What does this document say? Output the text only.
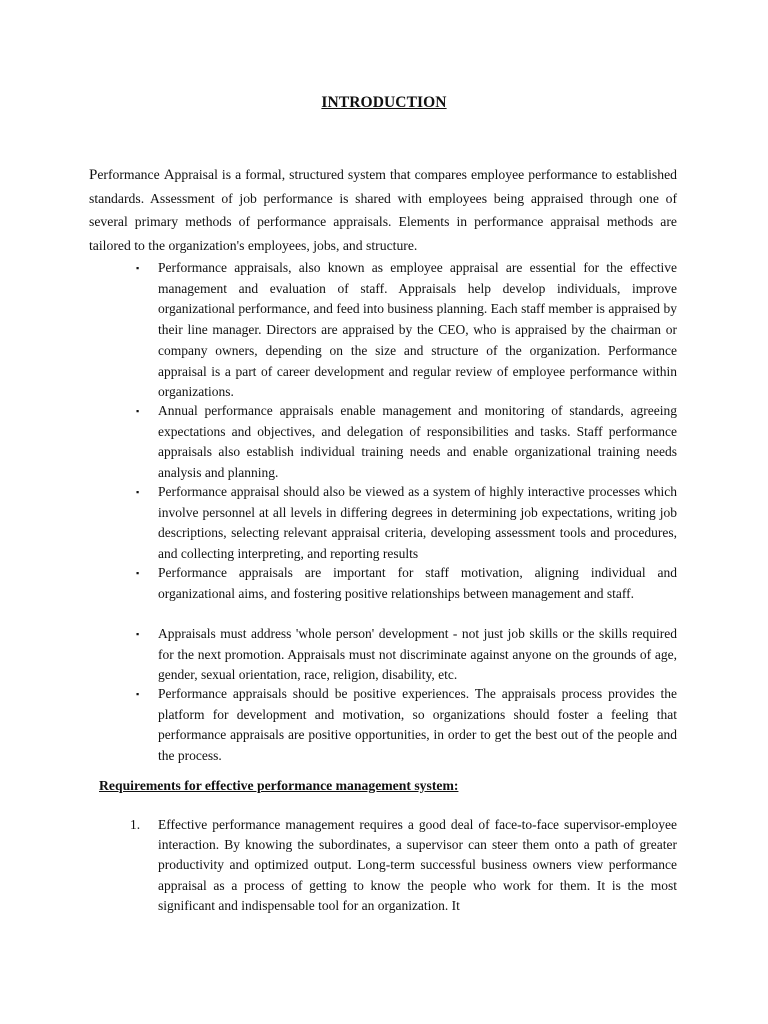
INTRODUCTION

Performance Appraisal is a formal, structured system that compares employee performance to established standards. Assessment of job performance is shared with employees being appraised through one of several primary methods of performance appraisals. Elements in performance appraisal methods are tailored to the organization's employees, jobs, and structure.

▪ Performance appraisals, also known as employee appraisal are essential for the effective management and evaluation of staff. Appraisals help develop individuals, improve organizational performance, and feed into business planning. Each staff member is appraised by their line manager. Directors are appraised by the CEO, who is appraised by the chairman or company owners, depending on the size and structure of the organization. Performance appraisal is a part of career development and regular review of employee performance within organizations.
▪ Annual performance appraisals enable management and monitoring of standards, agreeing expectations and objectives, and delegation of responsibilities and tasks. Staff performance appraisals also establish individual training needs and enable organizational training needs analysis and planning.
▪ Performance appraisal should also be viewed as a system of highly interactive processes which involve personnel at all levels in differing degrees in determining job expectations, writing job descriptions, selecting relevant appraisal criteria, developing assessment tools and procedures, and collecting interpreting, and reporting results
▪ Performance appraisals are important for staff motivation, aligning individual and organizational aims, and fostering positive relationships between management and staff.
▪ Appraisals must address 'whole person' development - not just job skills or the skills required for the next promotion. Appraisals must not discriminate against anyone on the grounds of age, gender, sexual orientation, race, religion, disability, etc.
▪ Performance appraisals should be positive experiences. The appraisals process provides the platform for development and motivation, so organizations should foster a feeling that performance appraisals are positive opportunities, in order to get the best out of the people and the process.
Requirements for effective performance management system:
1. Effective performance management requires a good deal of face-to-face supervisor-employee interaction. By knowing the subordinates, a supervisor can steer them onto a path of greater productivity and optimized output. Long-term successful business owners view performance appraisal as a process of getting to know the people who work for them. It is the most significant and indispensable tool for an organization. It
